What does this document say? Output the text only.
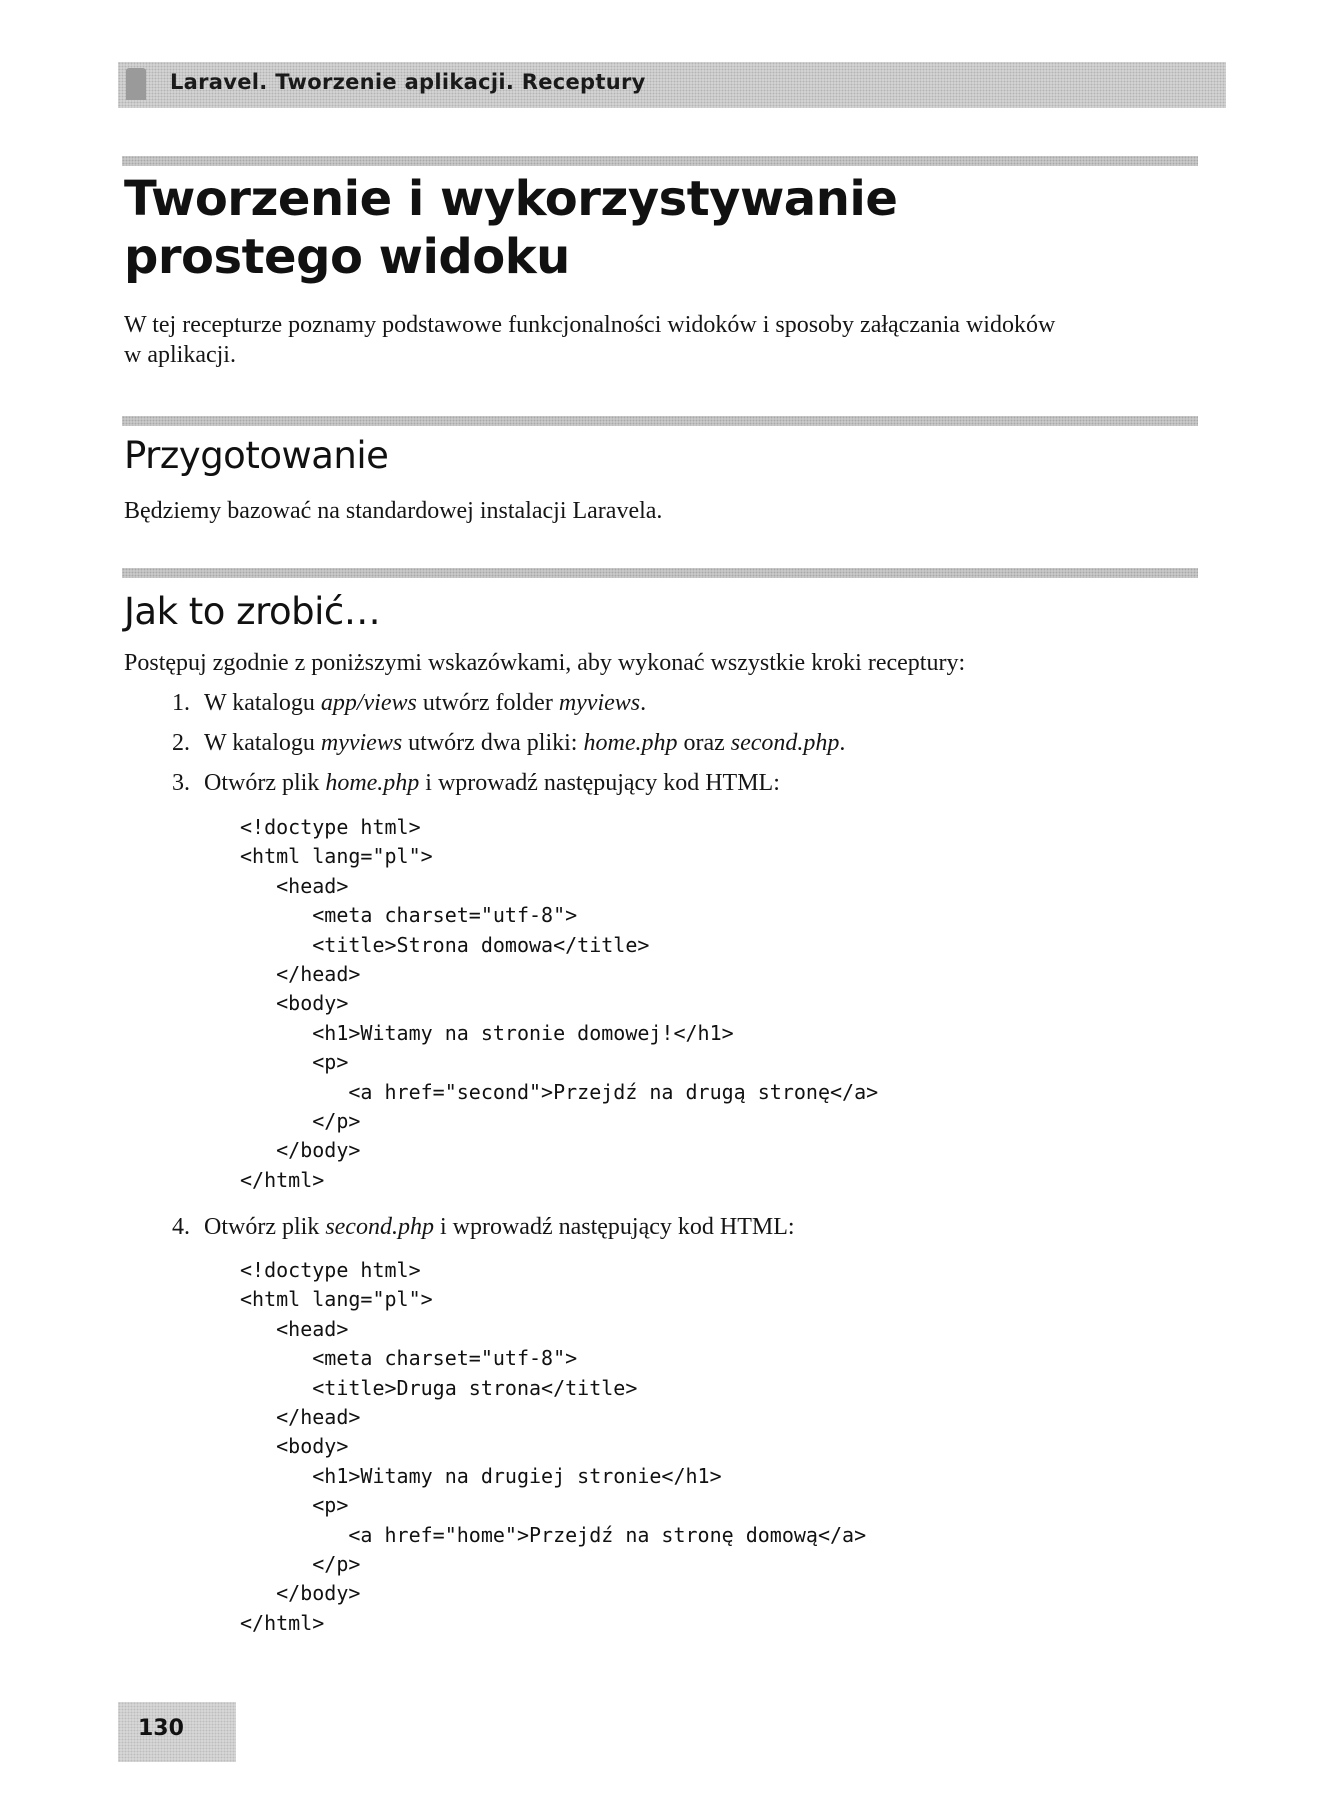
Laravel. Tworzenie aplikacji. Receptury
Tworzenie i wykorzystywanie
prostego widoku

W tej recepturze poznamy podstawowe funkcjonalności widoków i sposoby załączania widoków
w aplikacji.

Przygotowanie

Będziemy bazować na standardowej instalacji Laravela.

Jak to zrobić…

Postępuj zgodnie z poniższymi wskazówkami, aby wykonać wszystkie kroki receptury:

1. W katalogu app/views utwórz folder myviews.
2. W katalogu myviews utwórz dwa pliki: home.php oraz second.php.
3. Otwórz plik home.php i wprowadź następujący kod HTML:
<!doctype html>
<html lang="pl">
<head>
<meta charset="utf-8">
<title>Strona domowa</title>
</head>
<body>
<h1>Witamy na stronie domowej!</h1>
<p>
<a href="second">Przejdź na drugą stronę</a>
</p>
</body>
</html>
4. Otwórz plik second.php i wprowadź następujący kod HTML:
<!doctype html>
<html lang="pl">
<head>
<meta charset="utf-8">
<title>Druga strona</title>
</head>
<body>
<h1>Witamy na drugiej stronie</h1>
<p>
<a href="home">Przejdź na stronę domową</a>
</p>
</body>
</html>
130
